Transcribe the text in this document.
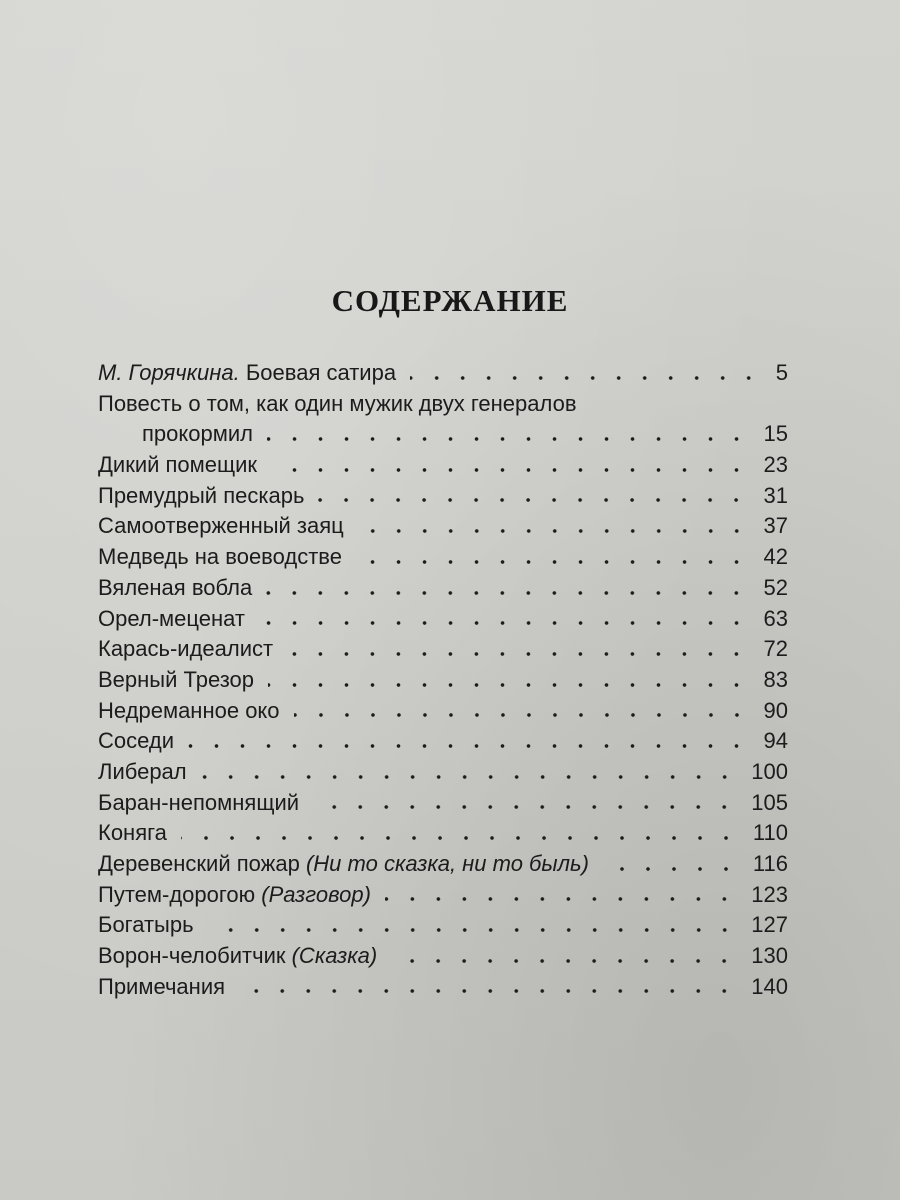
СОДЕРЖАНИЕ
М. Горячкина. Боевая сатира	5
Повесть о том, как один мужик двух генералов
прокормил	15
Дикий помещик	23
Премудрый пескарь	31
Самоотверженный заяц	37
Медведь на воеводстве	42
Вяленая вобла	52
Орел-меценат	63
Карась-идеалист	72
Верный Трезор	83
Недреманное око	90
Соседи	94
Либерал	100
Баран-непомнящий	105
Коняга	110
Деревенский пожар (Ни то сказка, ни то быль)	116
Путем-дорогою (Разговор)	123
Богатырь	127
Ворон-челобитчик (Сказка)	130
Примечания	140
